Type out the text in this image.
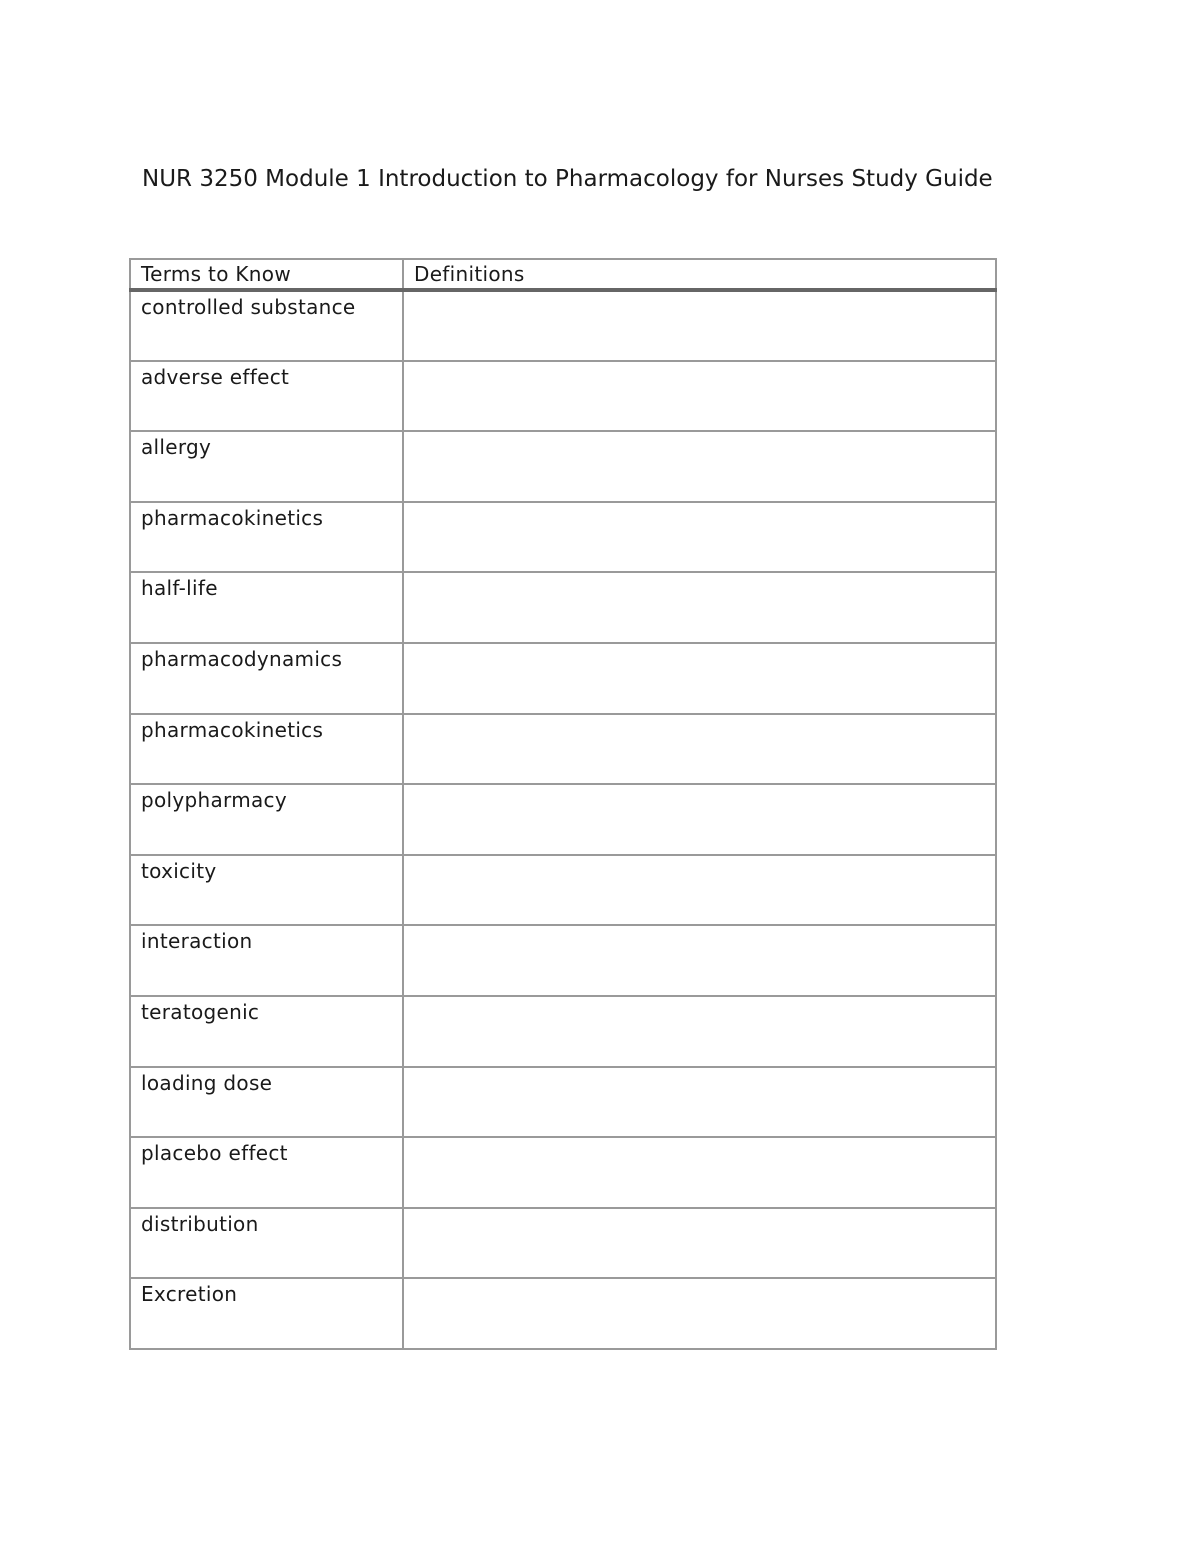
NUR 3250 Module 1 Introduction to Pharmacology for Nurses Study Guide
Terms to Know	Definitions
controlled substance	
adverse effect	
allergy	
pharmacokinetics	
half-life	
pharmacodynamics	
pharmacokinetics	
polypharmacy	
toxicity	
interaction	
teratogenic	
loading dose	
placebo effect	
distribution	
Excretion	
